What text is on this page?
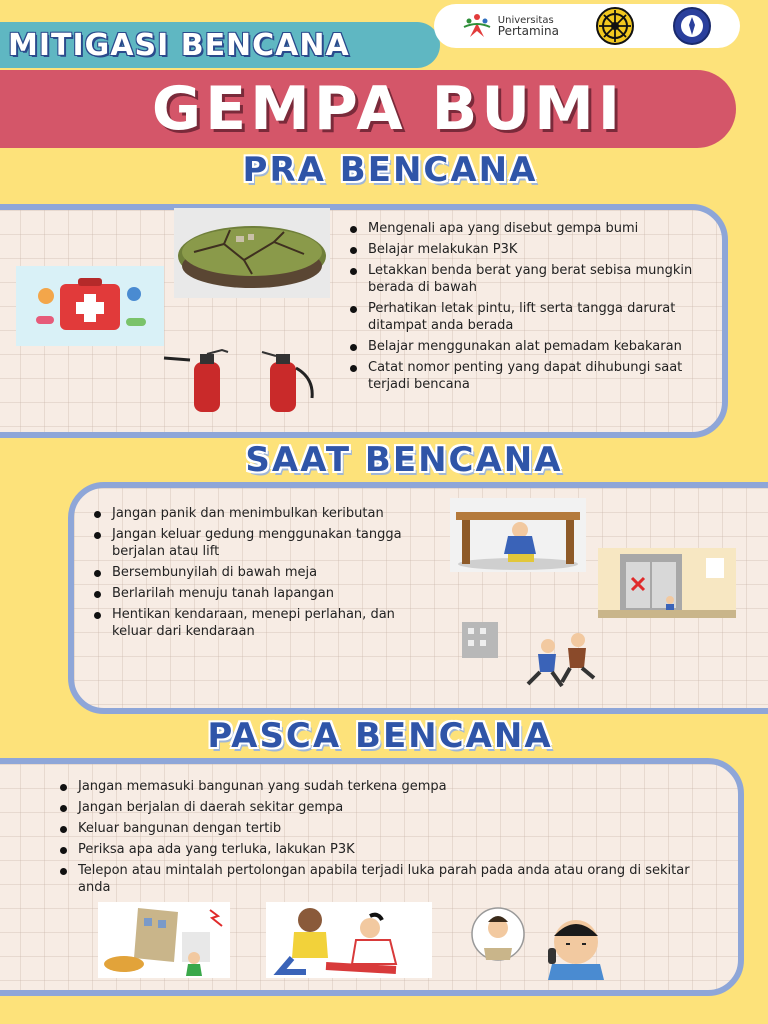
MITIGASI BENCANA
Universitas
Pertamina
GEMPA BUMI
PRA BENCANA
Mengenali apa yang disebut gempa bumi
Belajar melakukan P3K
Letakkan benda berat yang berat sebisa mungkin berada di bawah
Perhatikan letak pintu, lift serta tangga darurat ditampat anda berada
Belajar menggunakan alat pemadam kebakaran
Catat nomor penting yang dapat dihubungi saat terjadi bencana
SAAT BENCANA
Jangan panik dan menimbulkan keributan
Jangan keluar gedung menggunakan tangga berjalan atau lift
Bersembunyilah di bawah meja
Berlarilah menuju tanah lapangan
Hentikan kendaraan, menepi perlahan, dan keluar dari kendaraan
PASCA BENCANA
Jangan memasuki bangunan yang sudah terkena gempa
Jangan berjalan di daerah sekitar gempa
Keluar bangunan dengan tertib
Periksa apa ada yang terluka, lakukan P3K
Telepon atau mintalah pertolongan apabila terjadi luka parah pada anda atau orang di sekitar anda
